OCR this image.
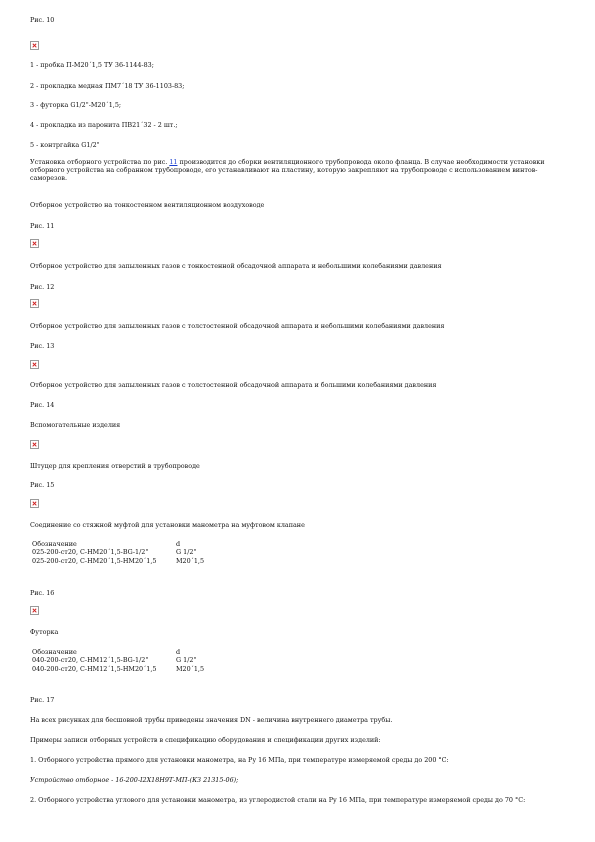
Рис. 10

1 - пробка П-М20´1,5 ТУ 36-1144-83;

2 - прокладка медная ПМ7´18 ТУ 36-1103-83;

3 - футорка G1/2"-М20´1,5;

4 - прокладка из паронита ПВ21´32 - 2 шт.;

5 - контргайка G1/2"

Установка отборного устройства по рис. 11 производится до сборки вентиляционного трубопровода около фланца. В случае необходимости установки отборного устройства на собранном трубопроводе, его устанавливают на пластину, которую закрепляют на трубопроводе с использованием винтов-саморезов.

Отборное устройство на тонкостенном вентиляционном воздуховоде

Рис. 11

Отборное устройство для запыленных газов с тонкостенной обсадочной аппарата и небольшими колебаниями давления

Рис. 12

Отборное устройство для запыленных газов с толстостенной обсадочной аппарата и небольшими колебаниями давления

Рис. 13

Отборное устройство для запыленных газов с толстостенной обсадочной аппарата и большими колебаниями давления

Рис. 14

Вспомогательные изделия

Штуцер для крепления отверстий в трубопроводе

Рис. 15

Соединение со стяжной муфтой для установки манометра на муфтовом клапане

Обозначение	d
025-200-ст20, С-НМ20´1,5-BG-1/2"	G 1/2"
025-200-ст20, С-НМ20´1,5-НМ20´1,5	М20´1,5

Рис. 16

Футорка

Обозначение	d
040-200-ст20, С-НМ12´1,5-BG-1/2"	G 1/2"
040-200-ст20, С-НМ12´1,5-НМ20´1,5	М20´1,5

Рис. 17

На всех рисунках для бесшовной трубы приведены значения DN - величина внутреннего диаметра трубы.

Примеры записи отборных устройств в спецификацию оборудования и спецификации других изделий:

1. Отборного устройства прямого для установки манометра, на Ру 16 МПа, при температуре измеряемой среды до 200 °С:

Устройство отборное - 16-200-I2Х18Н9Т-МП-(КЗ 21315-06);

2. Отборного устройства углового для установки манометра, из углеродистой стали на Ру 16 МПа, при температуре измеряемой среды до 70 °С:
